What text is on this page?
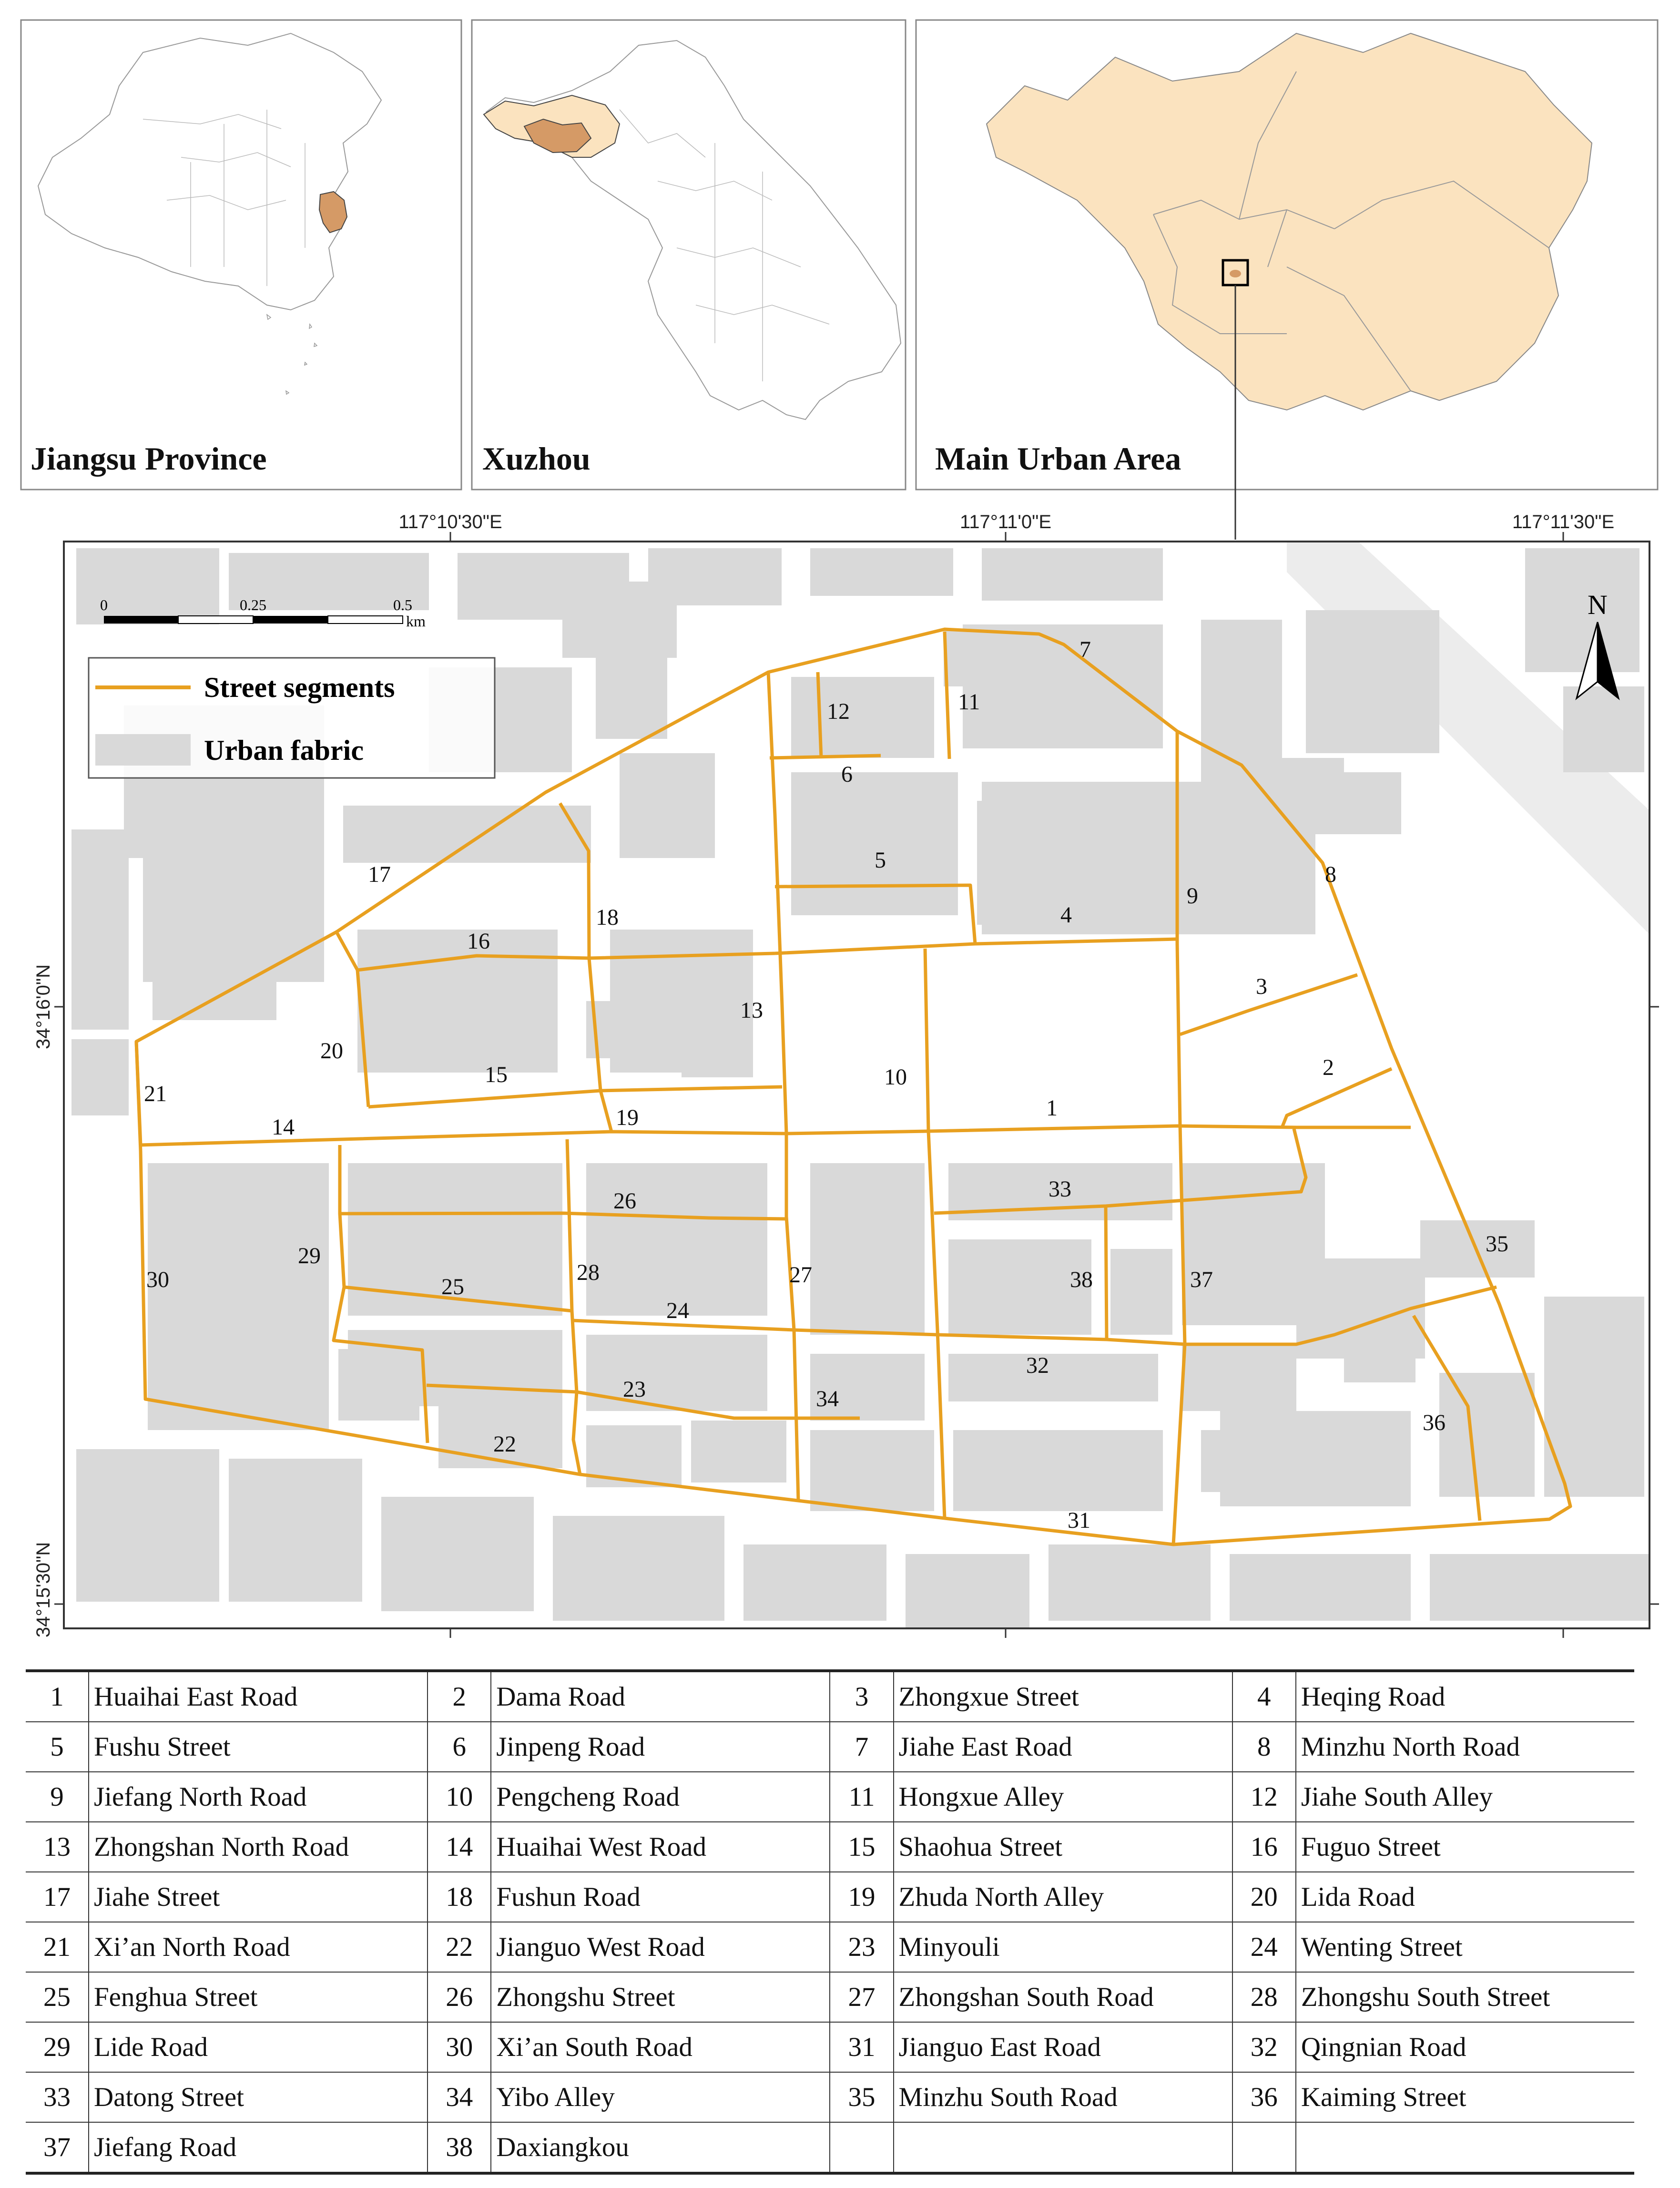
Jiangsu Province	Xuzhou	Main Urban Area
1
2
3
4
5
6
7
8
9
10
11
12
13
14
15
16
17
18
19
20
21
22
23
24
25
26
27
28
29
30
31
32
33
34
35
36
37
38
117°10'30"E	117°11'0"E	117°11'30"E
34°16'0"N
34°15'30"N
0	0.25	0.5
km
Street segments
Urban fabric
N
1	Huaihai East Road	2	Dama Road	3	Zhongxue Street	4	Heqing Road
5	Fushu Street	6	Jinpeng Road	7	Jiahe East Road	8	Minzhu North Road
9	Jiefang North Road	10	Pengcheng Road	11	Hongxue Alley	12	Jiahe South Alley
13	Zhongshan North Road	14	Huaihai West Road	15	Shaohua Street	16	Fuguo Street
17	Jiahe Street	18	Fushun Road	19	Zhuda North Alley	20	Lida Road
21	Xi’an North Road	22	Jianguo West Road	23	Minyouli	24	Wenting Street
25	Fenghua Street	26	Zhongshu Street	27	Zhongshan South Road	28	Zhongshu South Street
29	Lide Road	30	Xi’an South Road	31	Jianguo East Road	32	Qingnian Road
33	Datong Street	34	Yibo Alley	35	Minzhu South Road	36	Kaiming Street
37	Jiefang Road	38	Daxiangkou				
